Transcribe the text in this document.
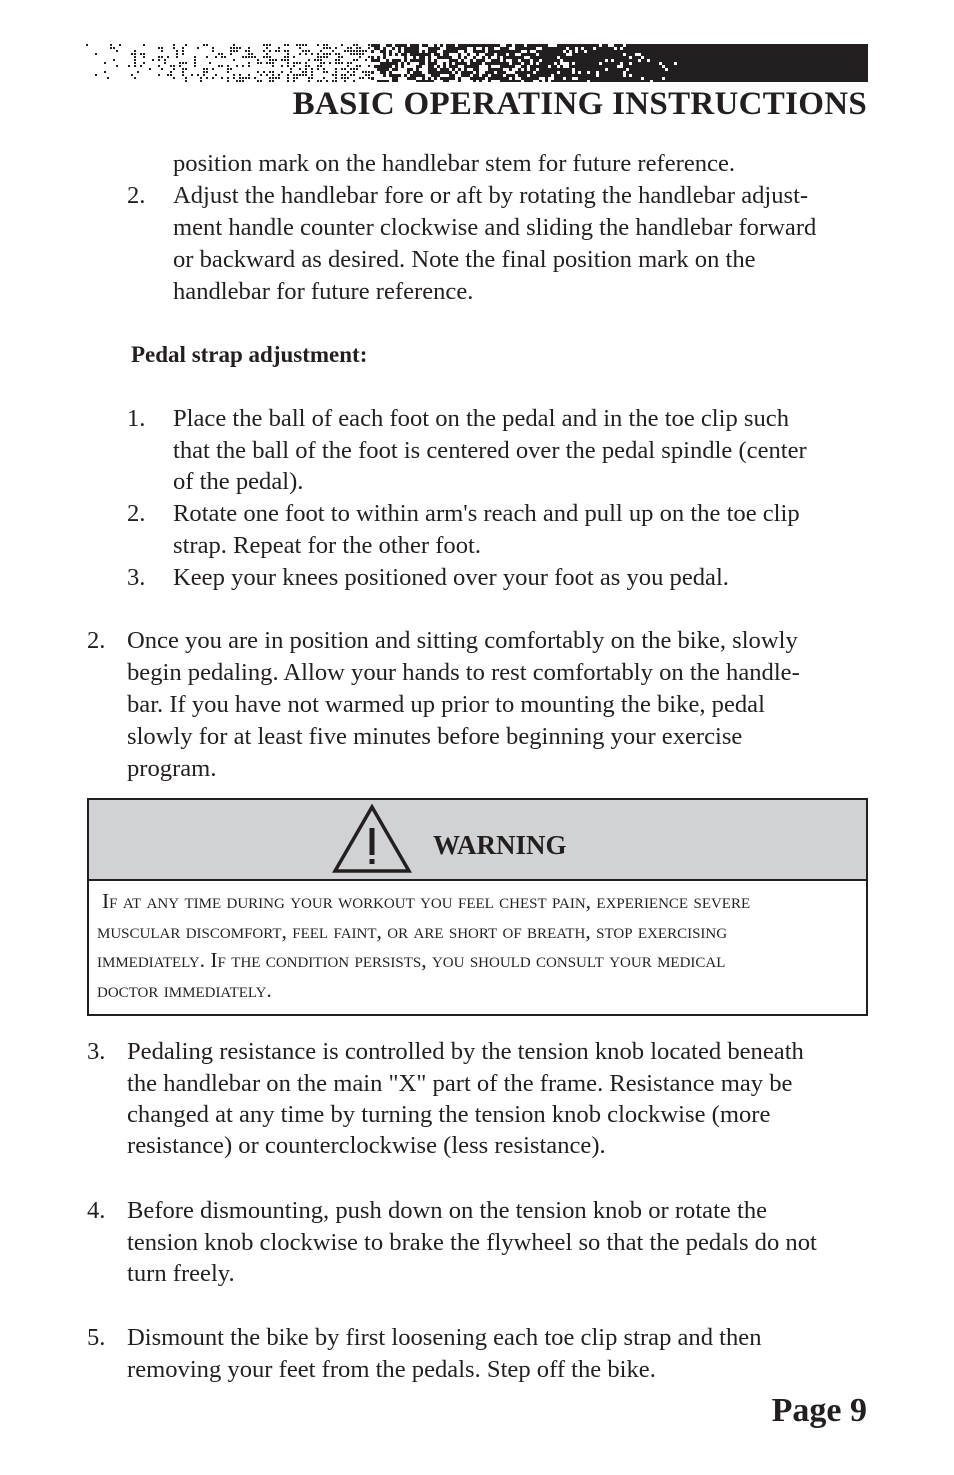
BASIC OPERATING INSTRUCTIONS

position mark on the handlebar stem for future reference.

2. Adjust the handlebar fore or aft by rotating the handlebar adjust-

ment handle counter clockwise and sliding the handlebar forward

or backward as desired. Note the final position mark on the

handlebar for future reference.

Pedal strap adjustment:
1. Place the ball of each foot on the pedal and in the toe clip such

that the ball of the foot is centered over the pedal spindle (center

of the pedal).

2. Rotate one foot to within arm's reach and pull up on the toe clip

strap. Repeat for the other foot.

3. Keep your knees positioned over your foot as you pedal.

2. Once you are in position and sitting comfortably on the bike, slowly

begin pedaling. Allow your hands to rest comfortably on the handle-

bar. If you have not warmed up prior to mounting the bike, pedal

slowly for at least five minutes before beginning your exercise

program.

WARNING
If at any time during your workout you feel chest pain, experience severe
muscular discomfort, feel faint, or are short of breath, stop exercising
immediately. If the condition persists, you should consult your medical
doctor immediately.
3. Pedaling resistance is controlled by the tension knob located beneath

the handlebar on the main "X" part of the frame. Resistance may be

changed at any time by turning the tension knob clockwise (more

resistance) or counterclockwise (less resistance).

4. Before dismounting, push down on the tension knob or rotate the

tension knob clockwise to brake the flywheel so that the pedals do not

turn freely.

5. Dismount the bike by first loosening each toe clip strap and then

removing your feet from the pedals. Step off the bike.

Page 9
